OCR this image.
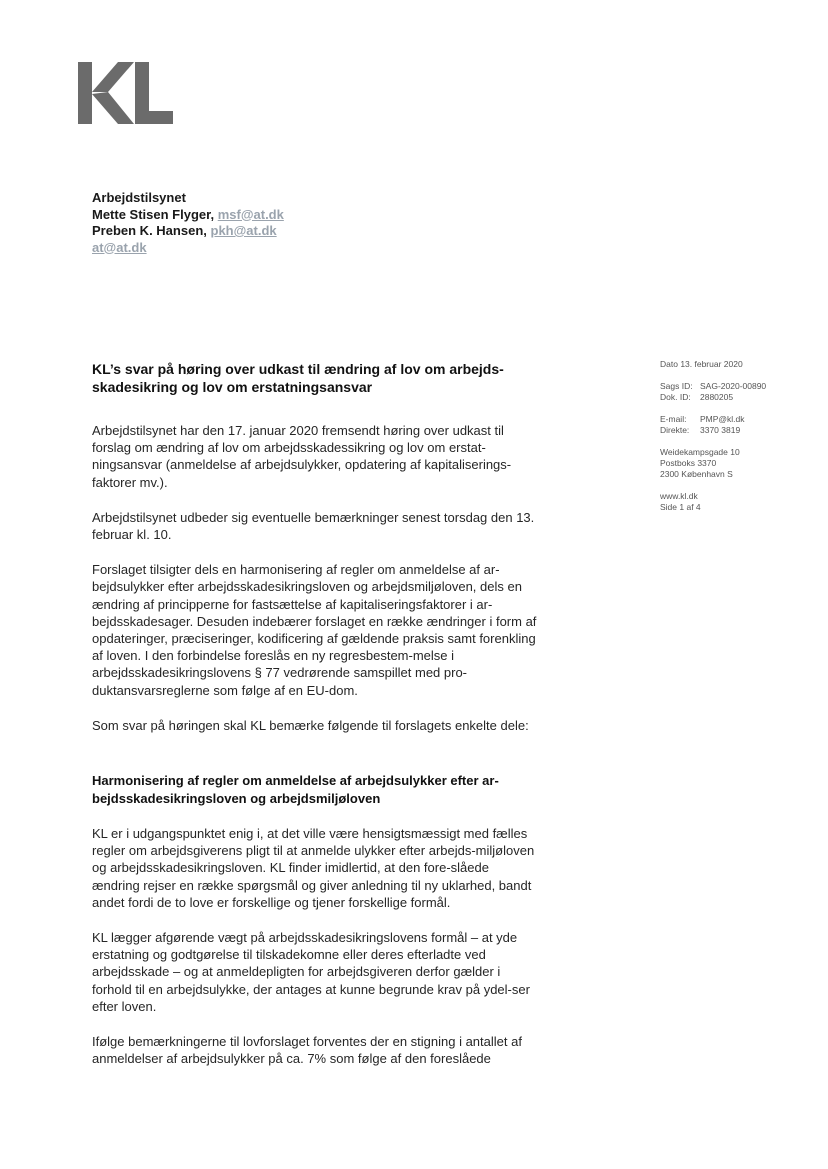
Arbejdstilsynet
Mette Stisen Flyger, msf@at.dk
Preben K. Hansen, pkh@at.dk
at@at.dk
KL’s svar på høring over udkast til ændring af lov om arbejds-skadesikring og lov om erstatningsansvar

Arbejdstilsynet har den 17. januar 2020 fremsendt høring over udkast til forslag om ændring af lov om arbejdsskadessikring og lov om erstat-ningsansvar (anmeldelse af arbejdsulykker, opdatering af kapitaliserings-faktorer mv.).

Arbejdstilsynet udbeder sig eventuelle bemærkninger senest torsdag den 13. februar kl. 10.

Forslaget tilsigter dels en harmonisering af regler om anmeldelse af ar-bejdsulykker efter arbejdsskadesikringsloven og arbejdsmiljøloven, dels en ændring af principperne for fastsættelse af kapitaliseringsfaktorer i ar-bejdsskadesager. Desuden indebærer forslaget en række ændringer i form af opdateringer, præciseringer, kodificering af gældende praksis samt forenkling af loven. I den forbindelse foreslås en ny regresbestem-melse i arbejdsskadesikringslovens § 77 vedrørende samspillet med pro-duktansvarsreglerne som følge af en EU-dom.

Som svar på høringen skal KL bemærke følgende til forslagets enkelte dele:

Harmonisering af regler om anmeldelse af arbejdsulykker efter ar-bejdsskadesikringsloven og arbejdsmiljøloven

KL er i udgangspunktet enig i, at det ville være hensigtsmæssigt med fælles regler om arbejdsgiverens pligt til at anmelde ulykker efter arbejds-miljøloven og arbejdsskadesikringsloven. KL finder imidlertid, at den fore-slåede ændring rejser en række spørgsmål og giver anledning til ny uklarhed, bandt andet fordi de to love er forskellige og tjener forskellige formål.

KL lægger afgørende vægt på arbejdsskadesikringslovens formål – at yde erstatning og godtgørelse til tilskadekomne eller deres efterladte ved arbejdsskade – og at anmeldepligten for arbejdsgiveren derfor gælder i forhold til en arbejdsulykke, der antages at kunne begrunde krav på ydel-ser efter loven.

Ifølge bemærkningerne til lovforslaget forventes der en stigning i antallet af anmeldelser af arbejdsulykker på ca. 7% som følge af den foreslåede

Dato 13. februar 2020
Sags ID: SAG-2020-00890
Dok. ID: 2880205
E-mail: PMP@kl.dk
Direkte: 3370 3819
Weidekampsgade 10
Postboks 3370
2300 København S
www.kl.dk
Side 1 af 4
